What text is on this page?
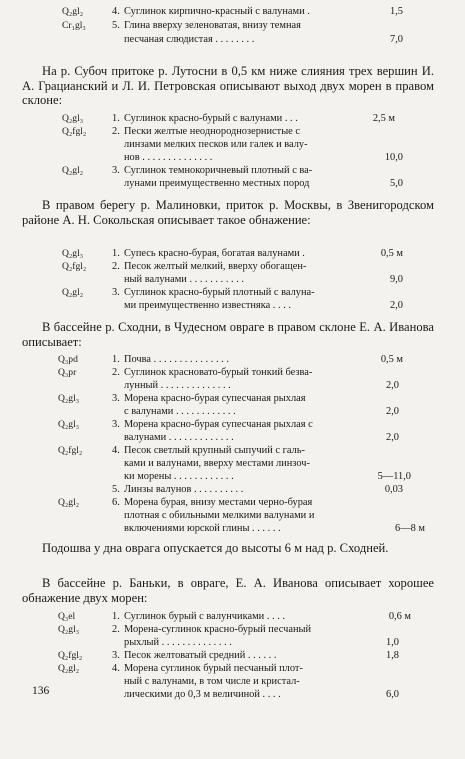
Q₂gl₂	4. Суглинок кирпично-красный с валунами .	1,5
Cr₁gl₃	5. Глина вверху зеленоватая, внизу темная
песчаная слюдистая . . . . . . . .	7,0
На р. Субоч притоке р. Лутосни в 0,5 км ниже слияния трех вершин И. А. Грацианский и Л. И. Петровская описывают выход двух морен в правом склоне:
Q₂gl₃	1. Суглинок красно-бурый с валунами . . .	2,5 м
Q₂fgl₂ 2. Пески желтые неоднороднозернистые с
линзами мелких песков или галек и валу-
нов . . . . . . . . . . . . . .	10,0
Q₂gl₂	3. Суглинок темнокоричневый плотный с ва-
лунами преимущественно местных пород	5,0
В правом берегу р. Малиновки, приток р. Москвы, в Звенигородском районе А. Н. Сокольская описывает такое обнажение:
Q₂gl₃	1. Супесь красно-бурая, богатая валунами .	0,5 м
Q₂fgl₂ 2. Песок желтый мелкий, вверху обогащен-
ный валунами . . . . . . . . . . .	9,0
Q₂gl₂	3. Суглинок красно-бурый плотный с валуна-
ми преимущественно известняка . . . .	2,0
В бассейне р. Сходни, в Чудесном овраге в правом склоне Е. А. Иванова описывает:
Q₃pd	1. Почва . . . . . . . . . . . . . . .	0,5 м
Q₃pr	2. Суглинок красновато-бурый тонкий безва-
лунный . . . . . . . . . . . . . .	2,0
Q₂gl₃	3. Морена красно-бурая супесчаная рыхлая
с валунами . . . . . . . . . . . .	2,0
Q₂gl₃	3. Морена красно-бурая супесчаная рыхлая с
валунами . . . . . . . . . . . . .	2,0
Q₂fgl₂	4. Песок светлый крупный сыпучий с галь-
ками и валунами, вверху местами линзоч-
ки морены . . . . . . . . . . . .	5—11,0
5. Линзы валунов . . . . . . . . . .	0,03
Q₂gl₂	6. Морена бурая, внизу местами черно-бурая
плотная с обильными мелкими валунами и
включениями юрской глины . . . . . .	6—8 м
Подошва у дна оврага опускается до высоты 6 м над р. Сходней.
В бассейне р. Баньки, в овраге, Е. А. Иванова описывает хорошее обнажение двух морен:
Q₃el	1. Суглинок бурый с валунчиками . . . .	0,6 м
Q₂gl₃	2. Морена-суглинок красно-бурый песчаный
рыхлый . . . . . . . . . . . . . .	1,0
Q₂fgl₂	3. Песок желтоватый средний . . . . . .	1,8
Q₂gl₂	4. Морена суглинок бурый песчаный плот-
ный с валунами, в том числе и кристал-
лическими до 0,3 м величиной . . . .	6,0
136
